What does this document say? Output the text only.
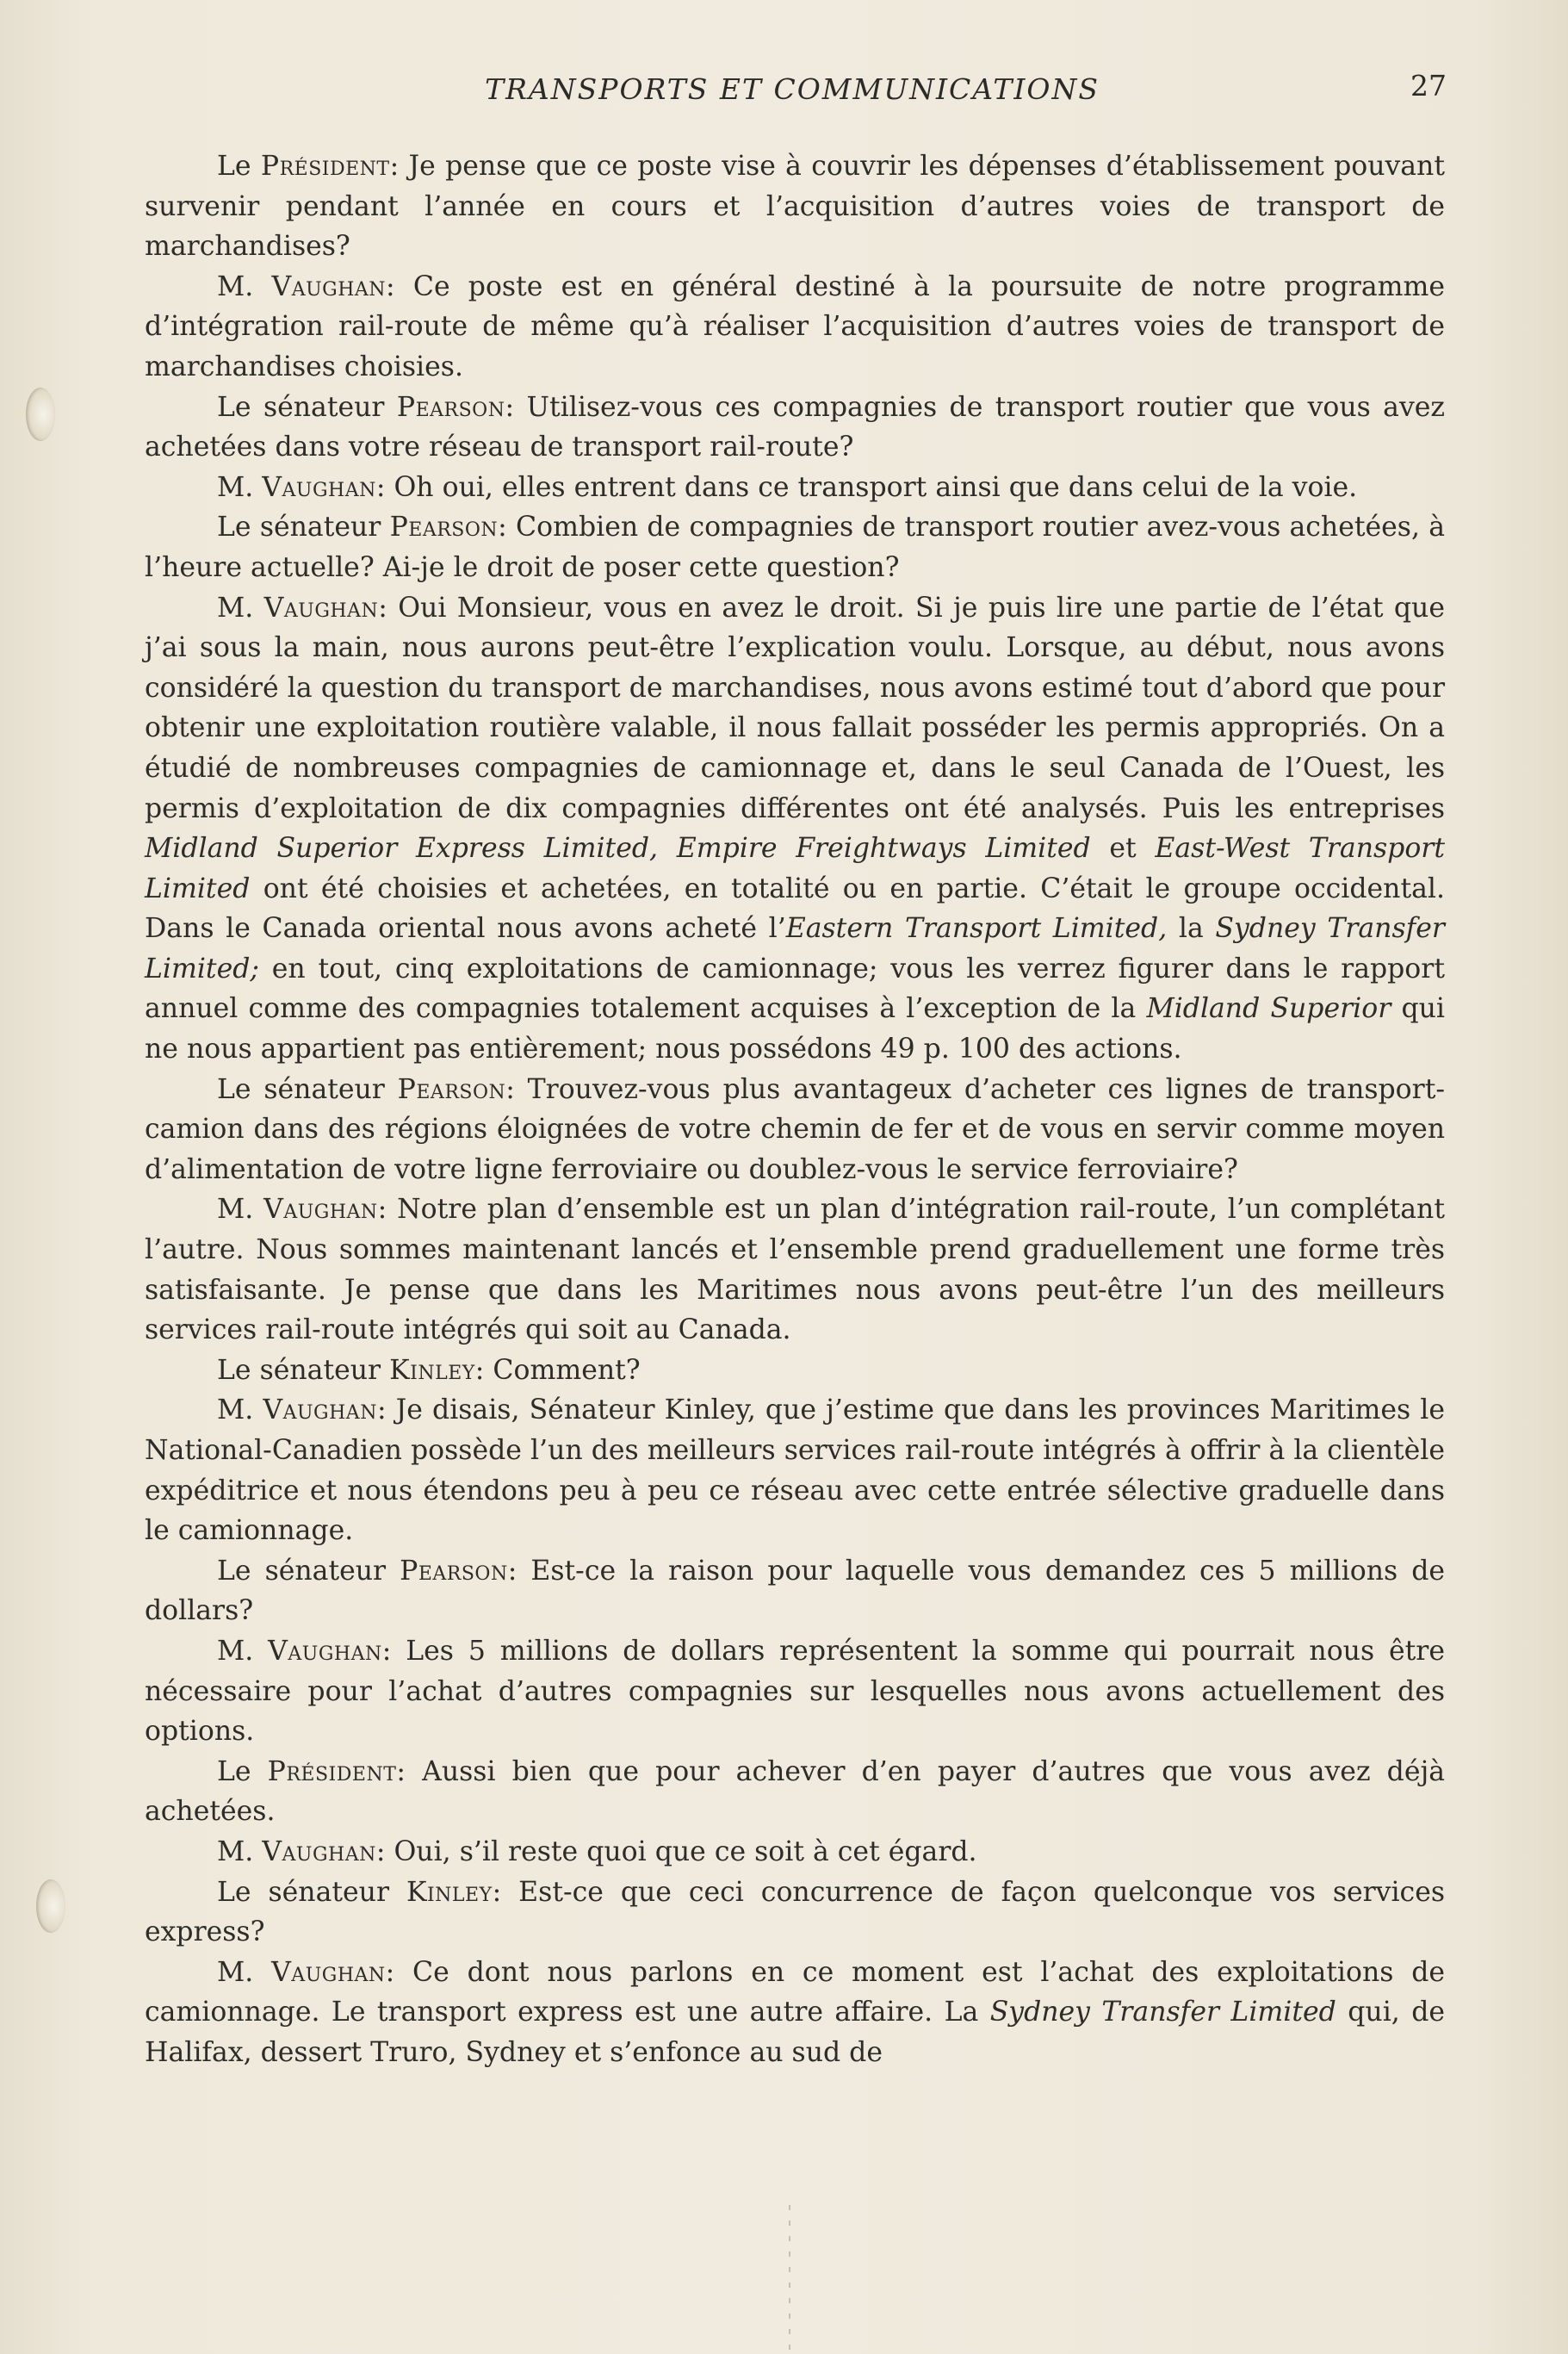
TRANSPORTS ET COMMUNICATIONS	27

Le Président: Je pense que ce poste vise à couvrir les dépenses d’établissement pouvant survenir pendant l’année en cours et l’acquisition d’autres voies de transport de marchandises?

M. Vaughan: Ce poste est en général destiné à la poursuite de notre programme d’intégration rail-route de même qu’à réaliser l’acquisition d’autres voies de transport de marchandises choisies.

Le sénateur Pearson: Utilisez-vous ces compagnies de transport routier que vous avez achetées dans votre réseau de transport rail-route?

M. Vaughan: Oh oui, elles entrent dans ce transport ainsi que dans celui de la voie.

Le sénateur Pearson: Combien de compagnies de transport routier avez-vous achetées, à l’heure actuelle? Ai-je le droit de poser cette question?

M. Vaughan: Oui Monsieur, vous en avez le droit. Si je puis lire une partie de l’état que j’ai sous la main, nous aurons peut-être l’explication voulu. Lorsque, au début, nous avons considéré la question du transport de marchandises, nous avons estimé tout d’abord que pour obtenir une exploitation routière valable, il nous fallait posséder les permis appropriés. On a étudié de nombreuses compagnies de camionnage et, dans le seul Canada de l’Ouest, les permis d’exploitation de dix compagnies différentes ont été analysés. Puis les entreprises Midland Superior Express Limited, Empire Freightways Limited et East-West Transport Limited ont été choisies et achetées, en totalité ou en partie. C’était le groupe occidental. Dans le Canada oriental nous avons acheté l’Eastern Transport Limited, la Sydney Transfer Limited; en tout, cinq exploitations de camionnage; vous les verrez figurer dans le rapport annuel comme des compagnies totalement acquises à l’exception de la Midland Superior qui ne nous appartient pas entièrement; nous possédons 49 p. 100 des actions.

Le sénateur Pearson: Trouvez-vous plus avantageux d’acheter ces lignes de transport-camion dans des régions éloignées de votre chemin de fer et de vous en servir comme moyen d’alimentation de votre ligne ferroviaire ou doublez-vous le service ferroviaire?

M. Vaughan: Notre plan d’ensemble est un plan d’intégration rail-route, l’un complétant l’autre. Nous sommes maintenant lancés et l’ensemble prend graduellement une forme très satisfaisante. Je pense que dans les Maritimes nous avons peut-être l’un des meilleurs services rail-route intégrés qui soit au Canada.

Le sénateur Kinley: Comment?

M. Vaughan: Je disais, Sénateur Kinley, que j’estime que dans les provinces Maritimes le National-Canadien possède l’un des meilleurs services rail-route intégrés à offrir à la clientèle expéditrice et nous étendons peu à peu ce réseau avec cette entrée sélective graduelle dans le camionnage.

Le sénateur Pearson: Est-ce la raison pour laquelle vous demandez ces 5 millions de dollars?

M. Vaughan: Les 5 millions de dollars représentent la somme qui pourrait nous être nécessaire pour l’achat d’autres compagnies sur lesquelles nous avons actuellement des options.

Le Président: Aussi bien que pour achever d’en payer d’autres que vous avez déjà achetées.

M. Vaughan: Oui, s’il reste quoi que ce soit à cet égard.

Le sénateur Kinley: Est-ce que ceci concurrence de façon quelconque vos services express?

M. Vaughan: Ce dont nous parlons en ce moment est l’achat des exploitations de camionnage. Le transport express est une autre affaire. La Sydney Transfer Limited qui, de Halifax, dessert Truro, Sydney et s’enfonce au sud de
